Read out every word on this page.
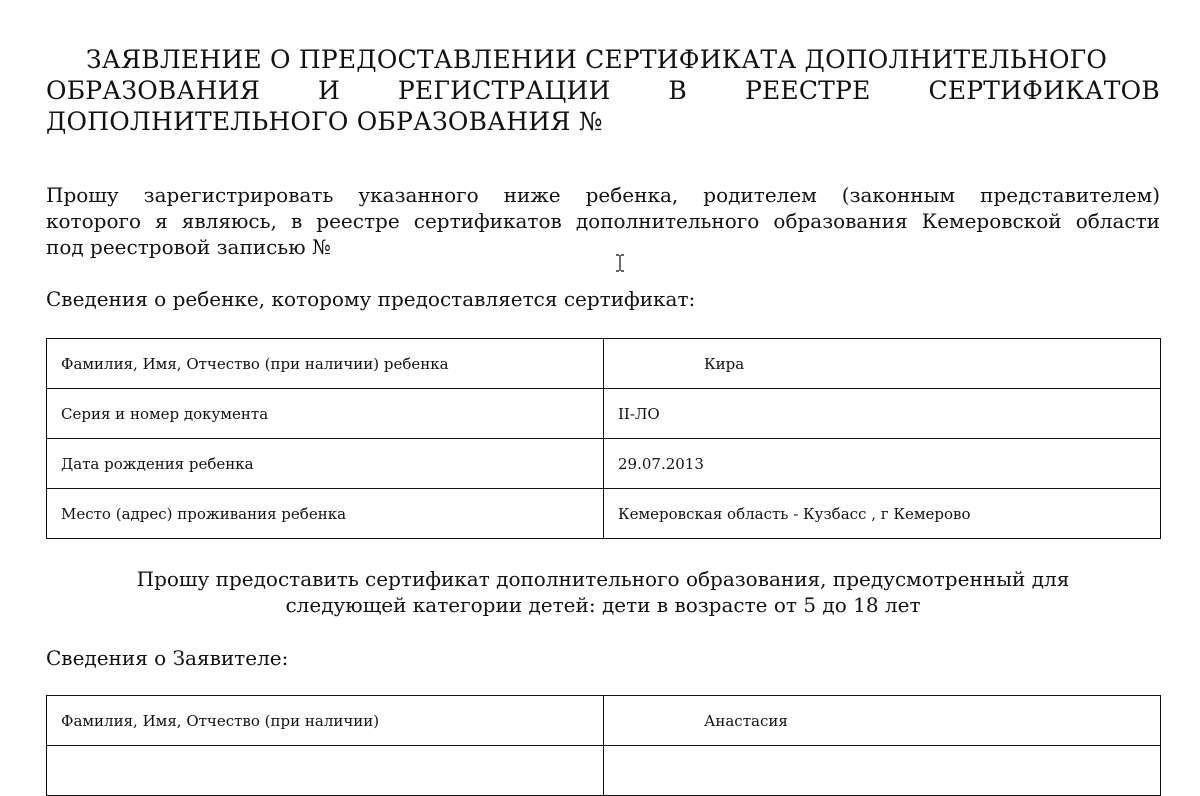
ЗАЯВЛЕНИЕ О ПРЕДОСТАВЛЕНИИ СЕРТИФИКАТА ДОПОЛНИТЕЛЬНОГО

ОБРАЗОВАНИЯ И РЕГИСТРАЦИИ В РЕЕСТРЕ СЕРТИФИКАТОВ
ДОПОЛНИТЕЛЬНОГО ОБРАЗОВАНИЯ №

Прошу зарегистрировать указанного ниже ребенка, родителем (законным представителем)
которого я являюсь, в реестре сертификатов дополнительного образования Кемеровской области
под реестровой записью №

Сведения о ребенке, которому предоставляется сертификат:

Фамилия, Имя, Отчество (при наличии) ребенка	Кира
Серия и номер документа	II-ЛО
Дата рождения ребенка	29.07.2013
Место (адрес) проживания ребенка	Кемеровская область - Кузбасс , г Кемерово

Прошу предоставить сертификат дополнительного образования, предусмотренный для
следующей категории детей: дети в возрасте от 5 до 18 лет

Сведения о Заявителе:

Фамилия, Имя, Отчество (при наличии)	Анастасия
